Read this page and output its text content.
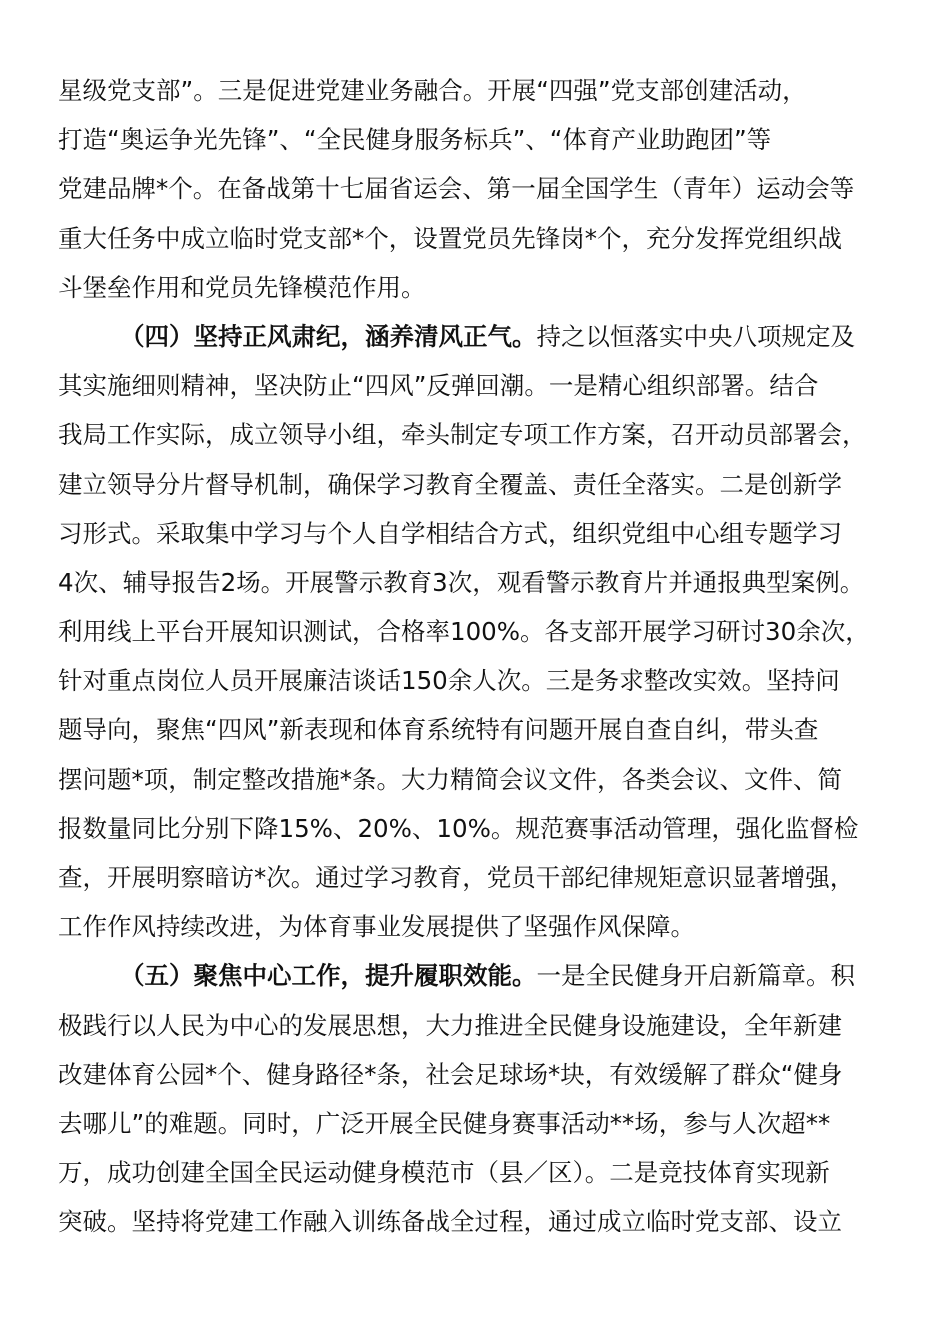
星级党支部”。三是促进党建业务融合。开展“四强”党支部创建活动，
打造“奥运争光先锋”、“全民健身服务标兵”、“体育产业助跑团”等
党建品牌*个。在备战第十七届省运会、第一届全国学生（青年）运动会等
重大任务中成立临时党支部*个，设置党员先锋岗*个，充分发挥党组织战
斗堡垒作用和党员先锋模范作用。
（四）坚持正风肃纪，涵养清风正气。持之以恒落实中央八项规定及
其实施细则精神，坚决防止“四风”反弹回潮。一是精心组织部署。结合
我局工作实际，成立领导小组，牵头制定专项工作方案，召开动员部署会，
建立领导分片督导机制，确保学习教育全覆盖、责任全落实。二是创新学
习形式。采取集中学习与个人自学相结合方式，组织党组中心组专题学习
4次、辅导报告2场。开展警示教育3次，观看警示教育片并通报典型案例。
利用线上平台开展知识测试，合格率100%。各支部开展学习研讨30余次，
针对重点岗位人员开展廉洁谈话150余人次。三是务求整改实效。坚持问
题导向，聚焦“四风”新表现和体育系统特有问题开展自查自纠，带头查
摆问题*项，制定整改措施*条。大力精简会议文件，各类会议、文件、简
报数量同比分别下降15%、20%、10%。规范赛事活动管理，强化监督检
查，开展明察暗访*次。通过学习教育，党员干部纪律规矩意识显著增强，
工作作风持续改进，为体育事业发展提供了坚强作风保障。
（五）聚焦中心工作，提升履职效能。一是全民健身开启新篇章。积
极践行以人民为中心的发展思想，大力推进全民健身设施建设，全年新建
改建体育公园*个、健身路径*条，社会足球场*块，有效缓解了群众“健身
去哪儿”的难题。同时，广泛开展全民健身赛事活动**场，参与人次超**
万，成功创建全国全民运动健身模范市（县／区）。二是竞技体育实现新
突破。坚持将党建工作融入训练备战全过程，通过成立临时党支部、设立
